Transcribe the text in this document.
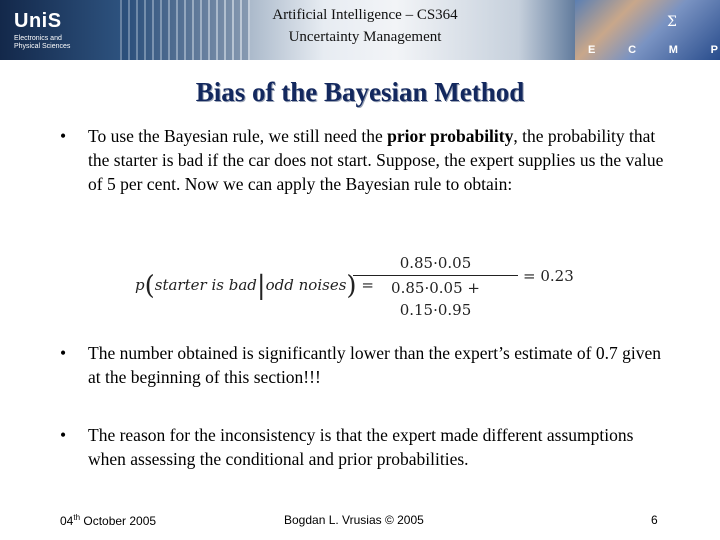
UniS
Electronics and
Physical Sciences
Artificial Intelligence – CS364
Uncertainty Management
Σ
E	C	M	P
Bias of the Bayesian Method
• To use the Bayesian rule, we still need the prior probability, the probability that the starter is bad if the car does not start. Suppose, the expert supplies us the value of 5 per cent. Now we can apply the Bayesian rule to obtain:
p(starter is bad|odd noises) =
0.85·0.05
0.85·0.05 + 0.15·0.95
= 0.23
• The number obtained is significantly lower than the expert’s estimate of 0.7 given at the beginning of this section!!!
• The reason for the inconsistency is that the expert made different assumptions when assessing the conditional and prior probabilities.
04th October 2005	Bogdan L. Vrusias © 2005	6
